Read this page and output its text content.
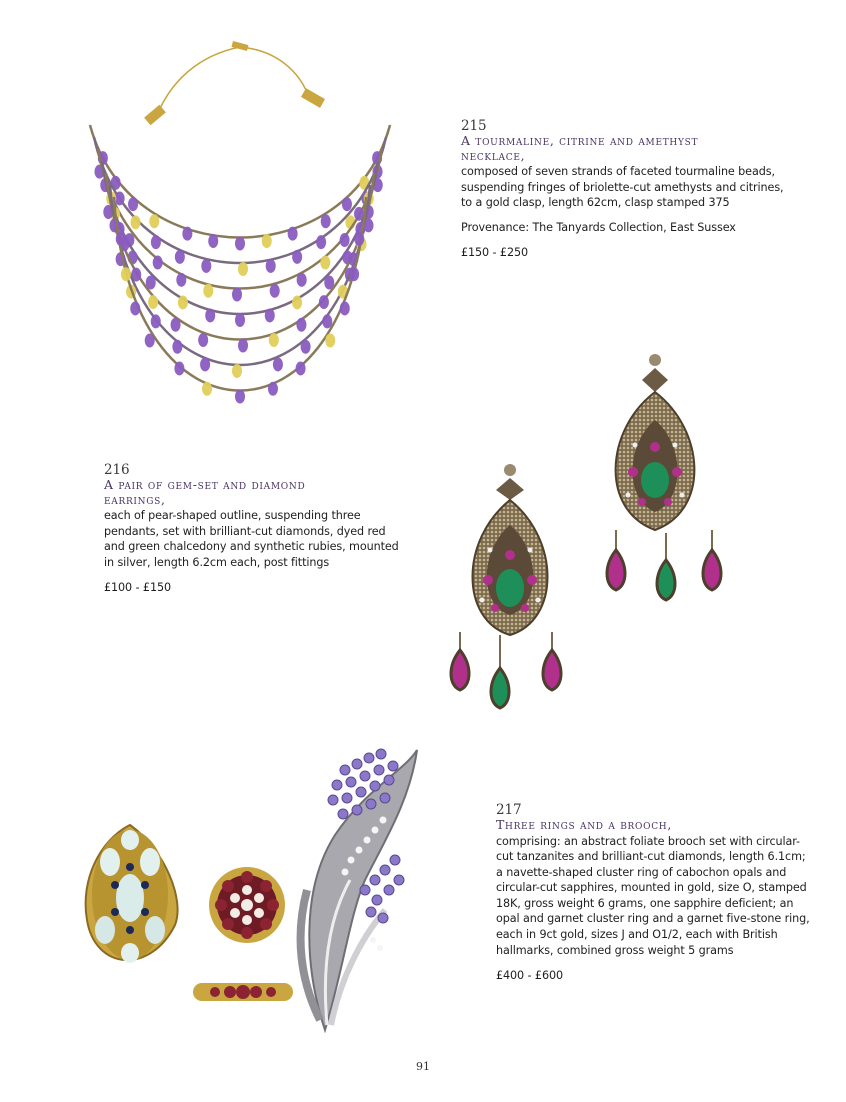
215
A tourmaline, citrine and amethyst
necklace,
composed of seven strands of faceted tourmaline beads, suspending fringes of briolette-cut amethysts and citrines, to a gold clasp, length 62cm, clasp stamped 375
Provenance: The Tanyards Collection, East Sussex
£150 - £250
216
A pair of gem-set and diamond
earrings,
each of pear-shaped outline, suspending three pendants, set with brilliant-cut diamonds, dyed red and green chalcedony and synthetic rubies, mounted in silver, length 6.2cm each, post fittings
£100 - £150
217
Three rings and a brooch,
comprising: an abstract foliate brooch set with circular-cut tanzanites and brilliant-cut diamonds, length 6.1cm; a navette-shaped cluster ring of cabochon opals and circular-cut sapphires, mounted in gold, size O, stamped 18K, gross weight 6 grams, one sapphire deficient; an opal and garnet cluster ring and a garnet five-stone ring, each in 9ct gold, sizes J and O1/2, each with British hallmarks, combined gross weight 5 grams
£400 - £600
91
